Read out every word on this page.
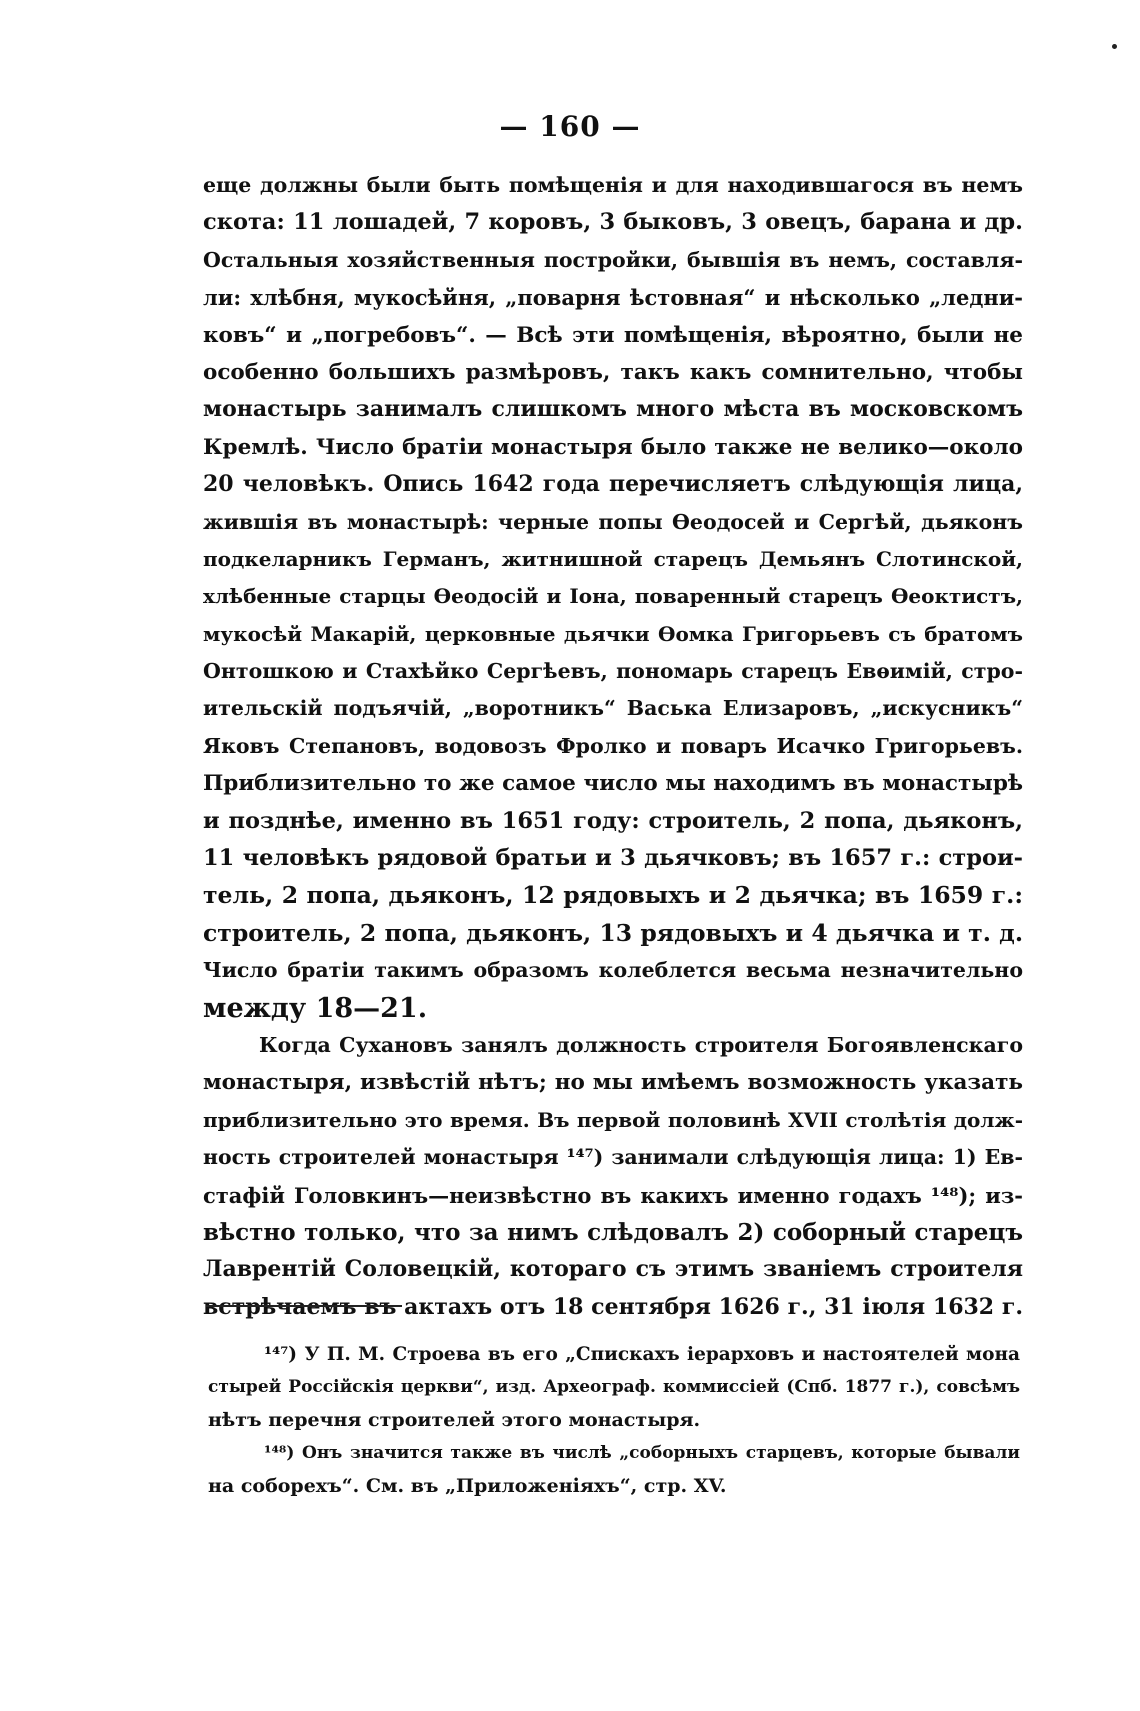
— 160 —
еще должны были быть помѣщенія и для находившагося въ немъ
скота: 11 лошадей, 7 коровъ, 3 быковъ, 3 овецъ, барана и др.
Остальныя хозяйственныя постройки, бывшія въ немъ, составля-
ли: хлѣбня, мукосѣйня, „поварня ѣстовная“ и нѣсколько „ледни-
ковъ“ и „погребовъ“. — Всѣ эти помѣщенія, вѣроятно, были не
особенно большихъ размѣровъ, такъ какъ сомнительно, чтобы
монастырь занималъ слишкомъ много мѣста въ московскомъ
Кремлѣ. Число братіи монастыря было также не велико—около
20 человѣкъ. Опись 1642 года перечисляетъ слѣдующія лица,
жившія въ монастырѣ: черные попы Ѳеодосей и Сергѣй, дьяконъ
подкеларникъ Германъ, житнишной старецъ Демьянъ Слотинской,
хлѣбенные старцы Ѳеодосій и Іона, поваренный старецъ Ѳеоктистъ,
мукосѣй Макарій, церковные дьячки Ѳомка Григорьевъ съ братомъ
Онтошкою и Стахѣйко Сергѣевъ, пономарь старецъ Евѳимій, стро-
ительскій подъячій, „воротникъ“ Васька Елизаровъ, „искусникъ“
Яковъ Степановъ, водовозъ Фролко и поваръ Исачко Григорьевъ.
Приблизительно то же самое число мы находимъ въ монастырѣ
и позднѣе, именно въ 1651 году: строитель, 2 попа, дьяконъ,
11 человѣкъ рядовой братьи и 3 дьячковъ; въ 1657 г.: строи-
тель, 2 попа, дьяконъ, 12 рядовыхъ и 2 дьячка; въ 1659 г.:
строитель, 2 попа, дьяконъ, 13 рядовыхъ и 4 дьячка и т. д.
Число братіи такимъ образомъ колеблется весьма незначительно
между 18—21.
Когда Сухановъ занялъ должность строителя Богоявленскаго
монастыря, извѣстій нѣтъ; но мы имѣемъ возможность указать
приблизительно это время. Въ первой половинѣ XVII столѣтія долж-
ность строителей монастыря ¹⁴⁷) занимали слѣдующія лица: 1) Ев-
стафій Головкинъ—неизвѣстно въ какихъ именно годахъ ¹⁴⁸); из-
вѣстно только, что за нимъ слѣдовалъ 2) соборный старецъ
Лаврентій Соловецкій, котораго съ этимъ званіемъ строителя
встрѣчаемъ въ актахъ отъ 18 сентября 1626 г., 31 іюля 1632 г.
¹⁴⁷) У П. М. Строева въ его „Спискахъ іерарховъ и настоятелей мона
стырей Россійскія церкви“, изд. Археограф. коммиссіей (Спб. 1877 г.), совсѣмъ
нѣтъ перечня строителей этого монастыря.
¹⁴⁸) Онъ значится также въ числѣ „соборныхъ старцевъ, которые бывали
на соборехъ“. См. въ „Приложеніяхъ“, стр. XV.
